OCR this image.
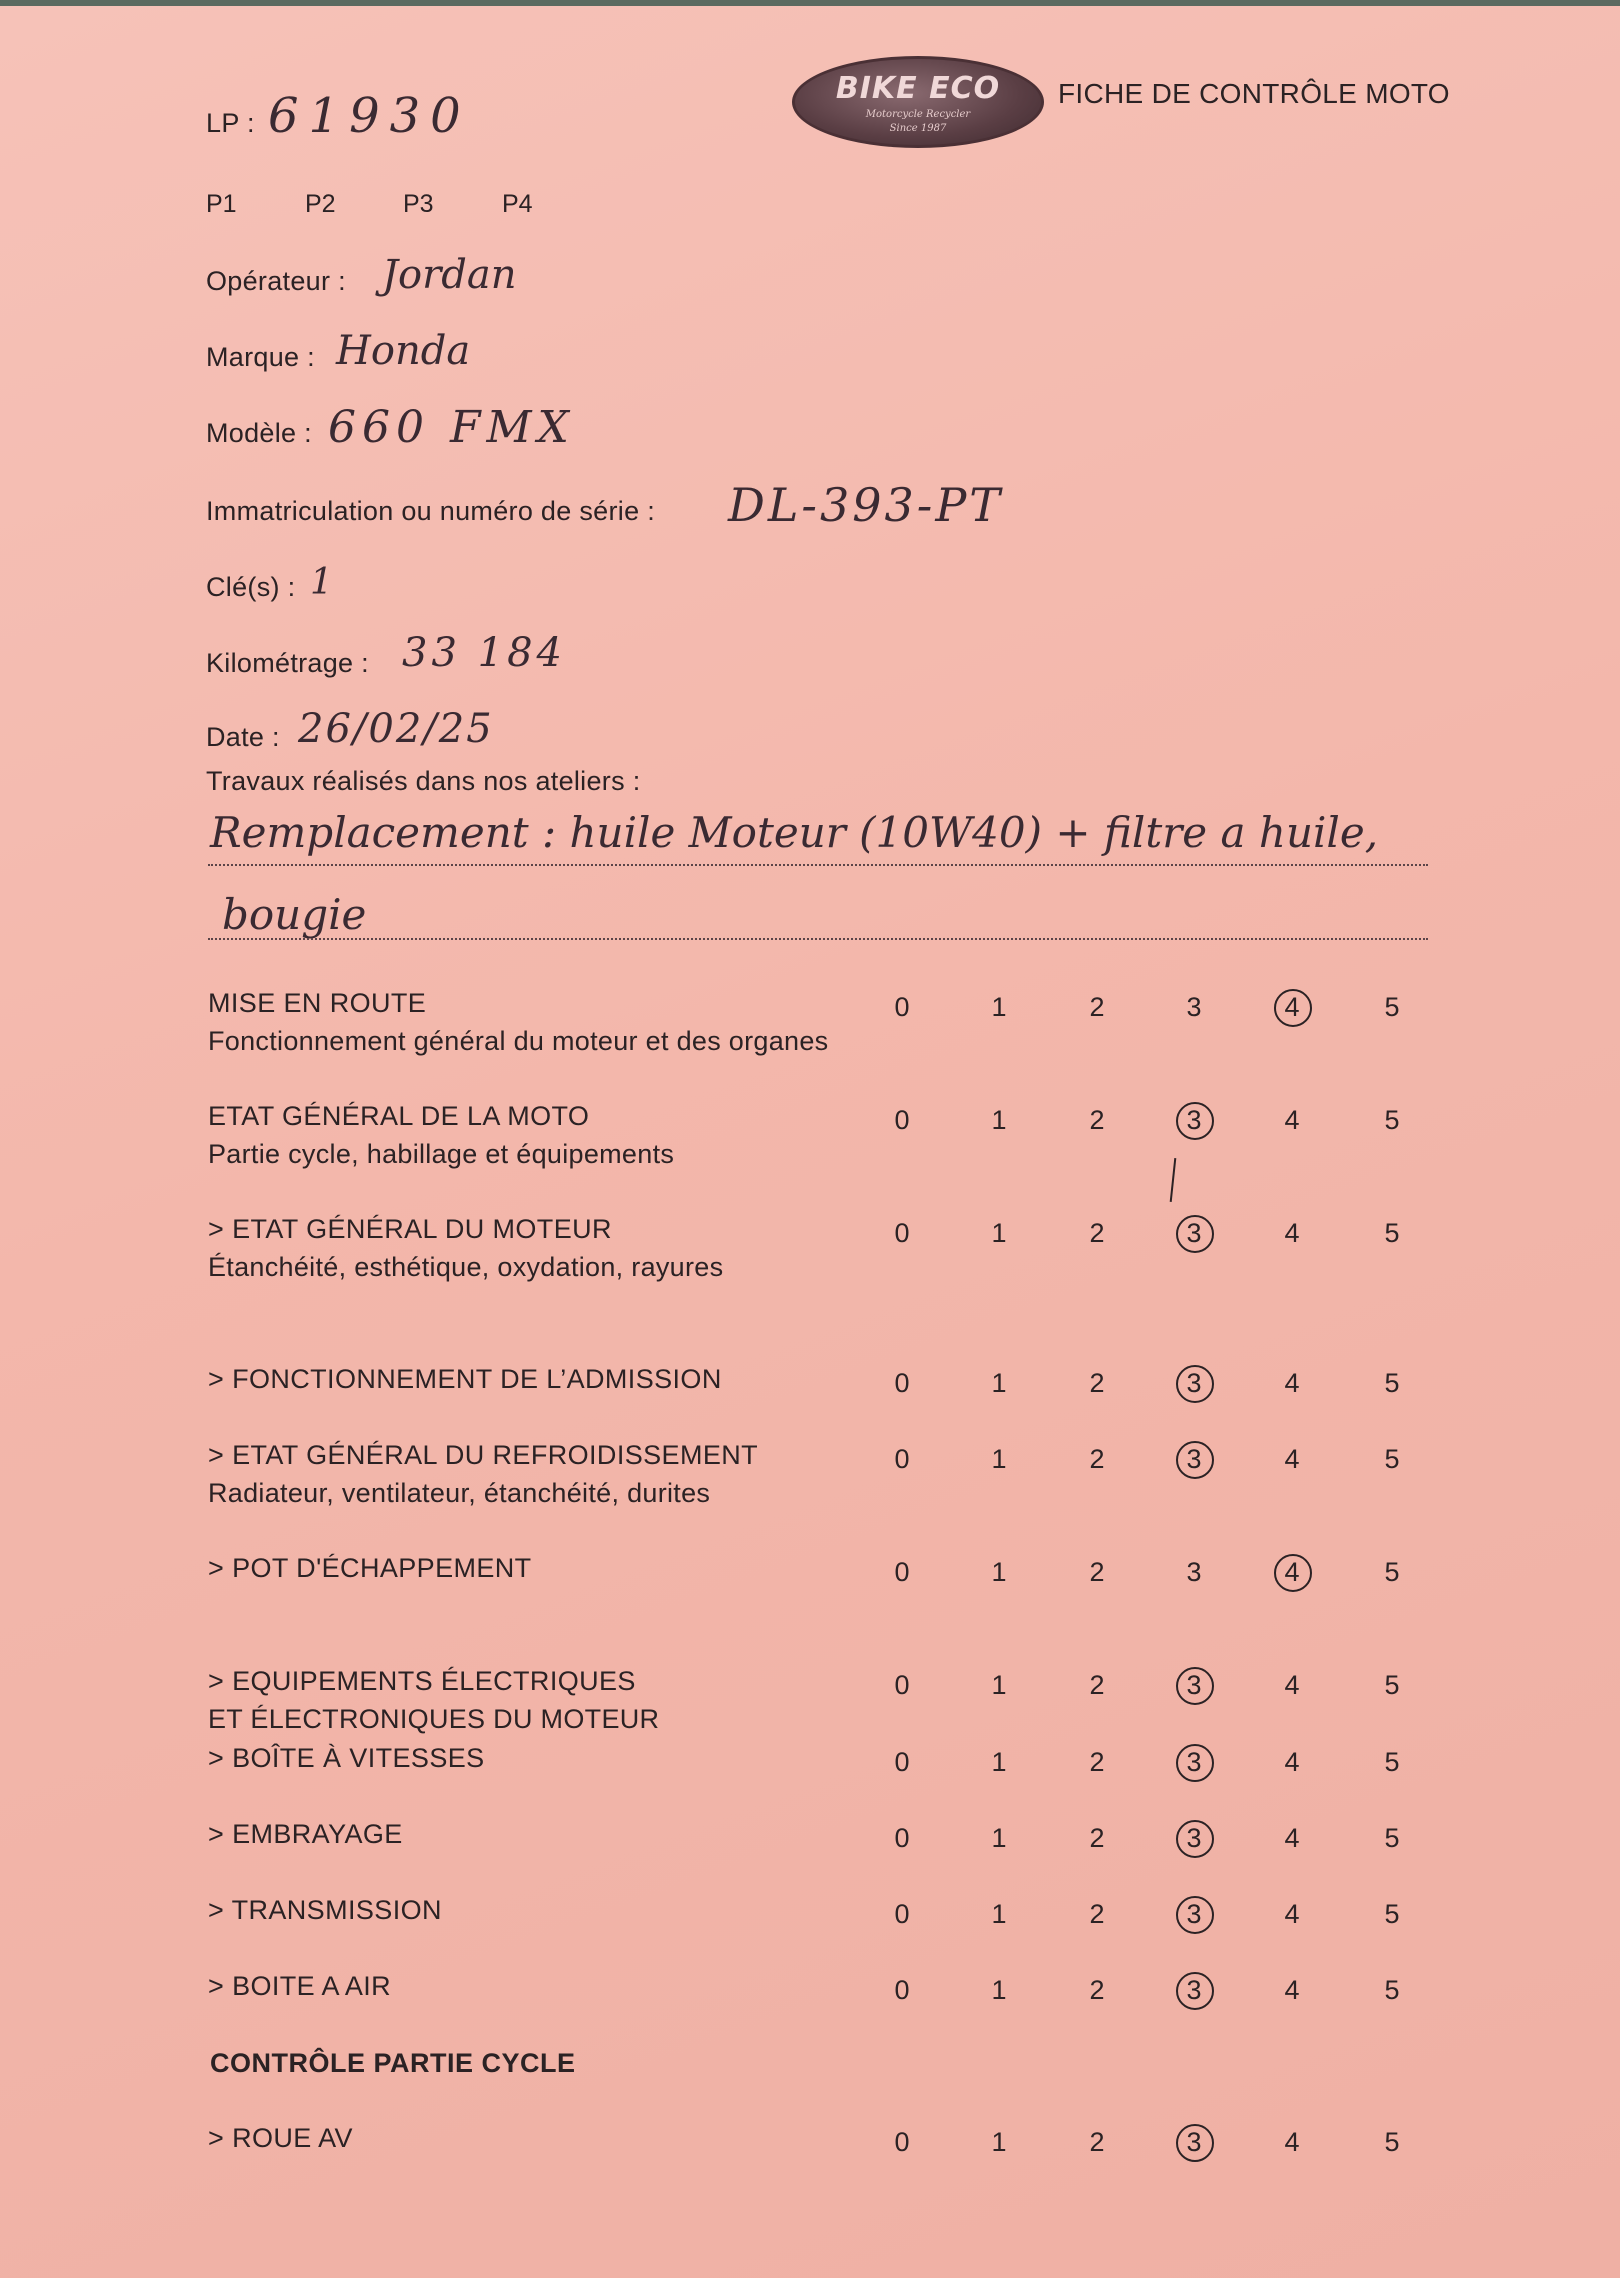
LP : 61930	BIKE ECO
Motorcycle Recycler
Since 1987
FICHE DE CONTRÔLE MOTO
P1	P2	P3	P4
Opérateur : Jordan
Marque : Honda
Modèle : 660 FMX
Immatriculation ou numéro de série : DL-393-PT
Clé(s) : 1
Kilométrage : 33 184
Date : 26/02/25
Travaux réalisés dans nos ateliers :
Remplacement : huile Moteur (10W40) + filtre a huile,
bougie
MISE EN ROUTE
Fonctionnement général du moteur et des organes
0	1	2	3	4	5
ETAT GÉNÉRAL DE LA MOTO
Partie cycle, habillage et équipements
0	1	2	3	4	5
> ETAT GÉNÉRAL DU MOTEUR
Étanchéité, esthétique, oxydation, rayures
0	1	2	3	4	5
> FONCTIONNEMENT DE L’ADMISSION	0	1	2	3	4	5
> ETAT GÉNÉRAL DU REFROIDISSEMENT
Radiateur, ventilateur, étanchéité, durites
0	1	2	3	4	5
> POT D'ÉCHAPPEMENT	0	1	2	3	4	5
> EQUIPEMENTS ÉLECTRIQUES
ET ÉLECTRONIQUES DU MOTEUR
0	1	2	3	4	5
> BOÎTE À VITESSES	0	1	2	3	4	5
> EMBRAYAGE	0	1	2	3	4	5
> TRANSMISSION	0	1	2	3	4	5
> BOITE A AIR	0	1	2	3	4	5
CONTRÔLE PARTIE CYCLE
> ROUE AV	0	1	2	3	4	5
